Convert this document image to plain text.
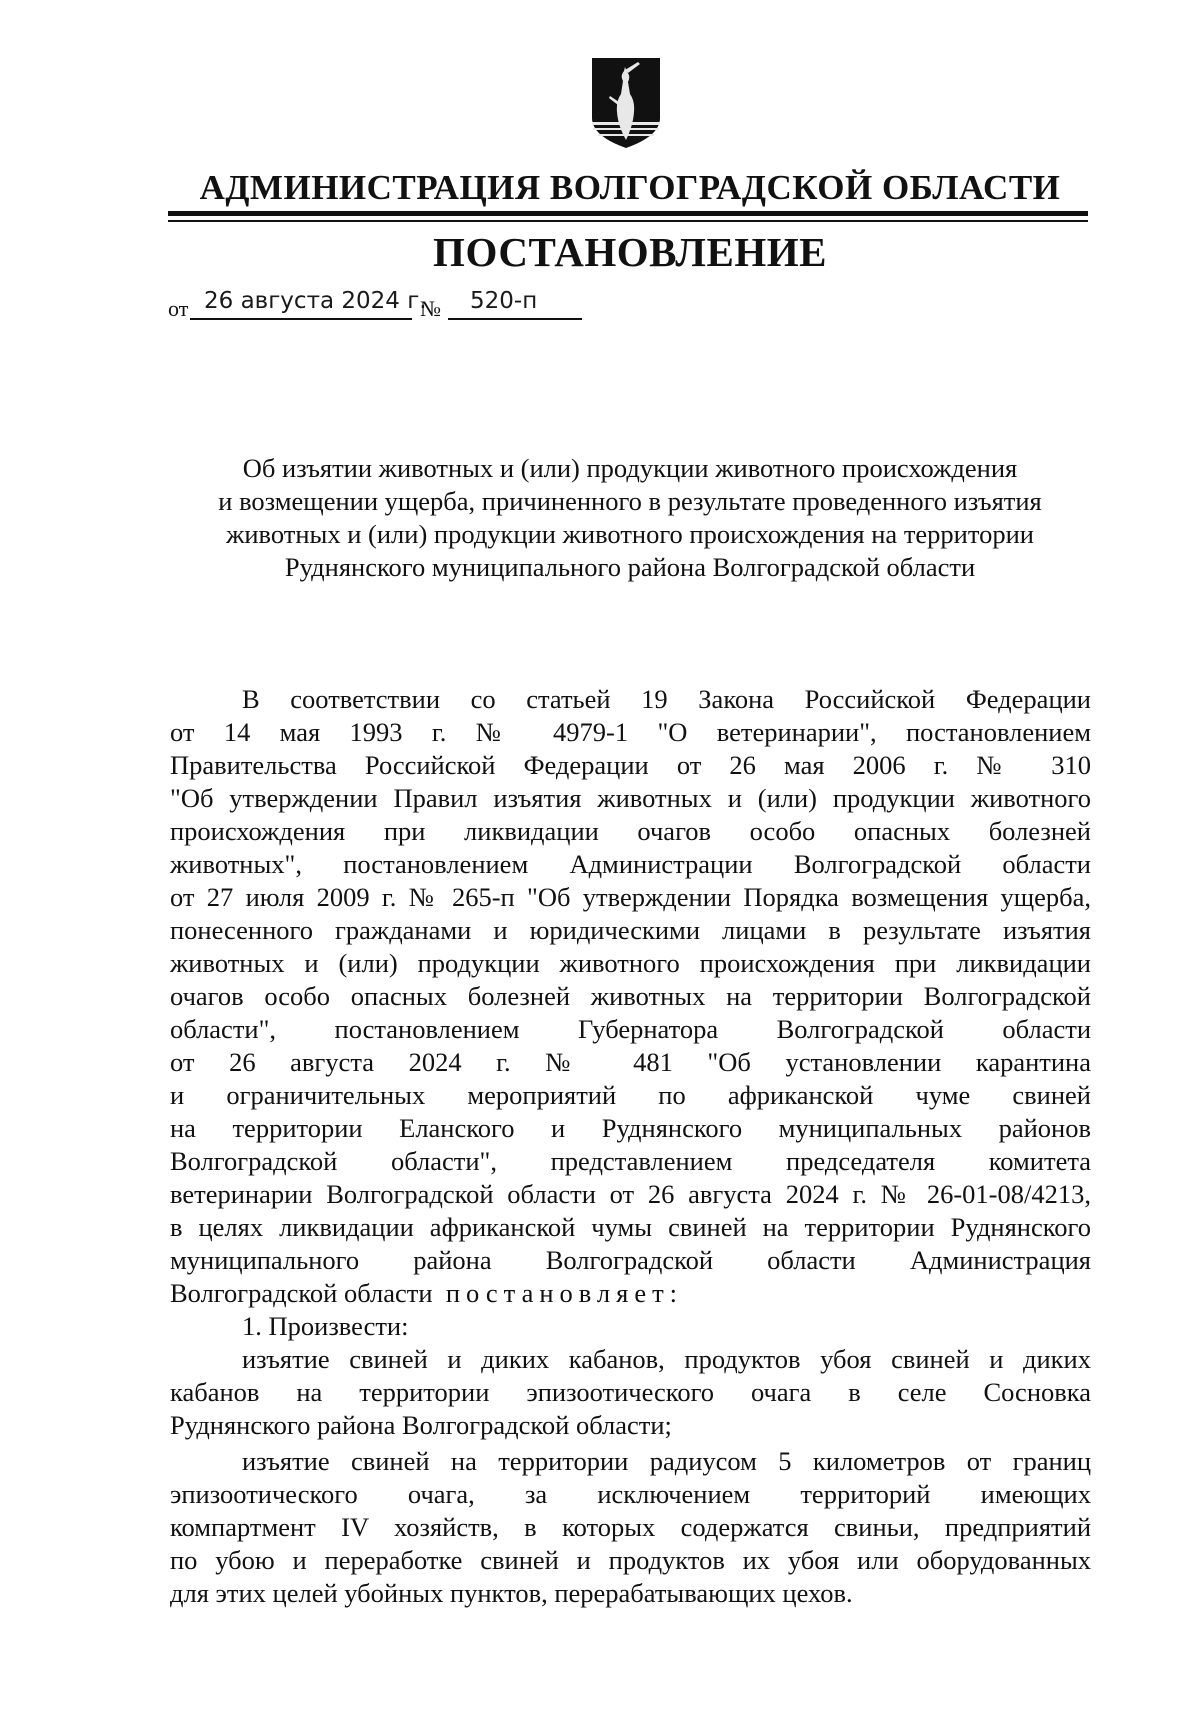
АДМИНИСТРАЦИЯ ВОЛГОГРАДСКОЙ ОБЛАСТИ
ПОСТАНОВЛЕНИЕ
от 26 августа 2024 г.
№ 520-п
Об изъятии животных и (или) продукции животного происхождения
и возмещении ущерба, причиненного в результате проведенного изъятия
животных и (или) продукции животного происхождения на территории
Руднянского муниципального района Волгоградской области
В соответствии со статьей 19 Закона Российской Федерации
от 14 мая 1993 г. № 4979-1 "О ветеринарии", постановлением
Правительства Российской Федерации от 26 мая 2006 г. № 310
"Об утверждении Правил изъятия животных и (или) продукции животного
происхождения при ликвидации очагов особо опасных болезней
животных", постановлением Администрации Волгоградской области
от 27 июля 2009 г. № 265-п "Об утверждении Порядка возмещения ущерба,
понесенного гражданами и юридическими лицами в результате изъятия
животных и (или) продукции животного происхождения при ликвидации
очагов особо опасных болезней животных на территории Волгоградской
области", постановлением Губернатора Волгоградской области
от 26 августа 2024 г. № 481 "Об установлении карантина
и ограничительных мероприятий по африканской чуме свиней
на территории Еланского и Руднянского муниципальных районов
Волгоградской области", представлением председателя комитета
ветеринарии Волгоградской области от 26 августа 2024 г. № 26-01-08/4213,
в целях ликвидации африканской чумы свиней на территории Руднянского
муниципального района Волгоградской области Администрация
Волгоградской области постановляет:
1. Произвести:
изъятие свиней и диких кабанов, продуктов убоя свиней и диких
кабанов на территории эпизоотического очага в селе Сосновка
Руднянского района Волгоградской области;
изъятие свиней на территории радиусом 5 километров от границ
эпизоотического очага, за исключением территорий имеющих
компартмент IV хозяйств, в которых содержатся свиньи, предприятий
по убою и переработке свиней и продуктов их убоя или оборудованных
для этих целей убойных пунктов, перерабатывающих цехов.
